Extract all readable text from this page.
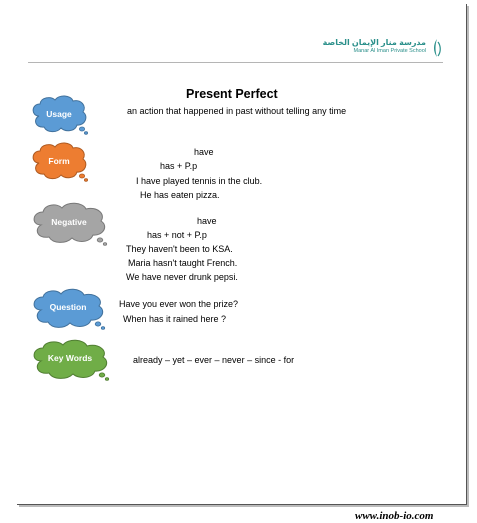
مدرسة منار الإيمان الخاصة
Manar Al Iman Private School
Present Perfect
Usage	an action that happened in past without telling any time
Form
have
has + P.p
I have played tennis in the club.
He has eaten pizza.
Negative	have
has + not + P.p
They haven't been to KSA.
Maria hasn't taught French.
We have never drunk pepsi.
Question	Have you ever won the prize?
When has it rained here ?
Key Words	already – yet – ever – never – since - for
www.inob-io.com
